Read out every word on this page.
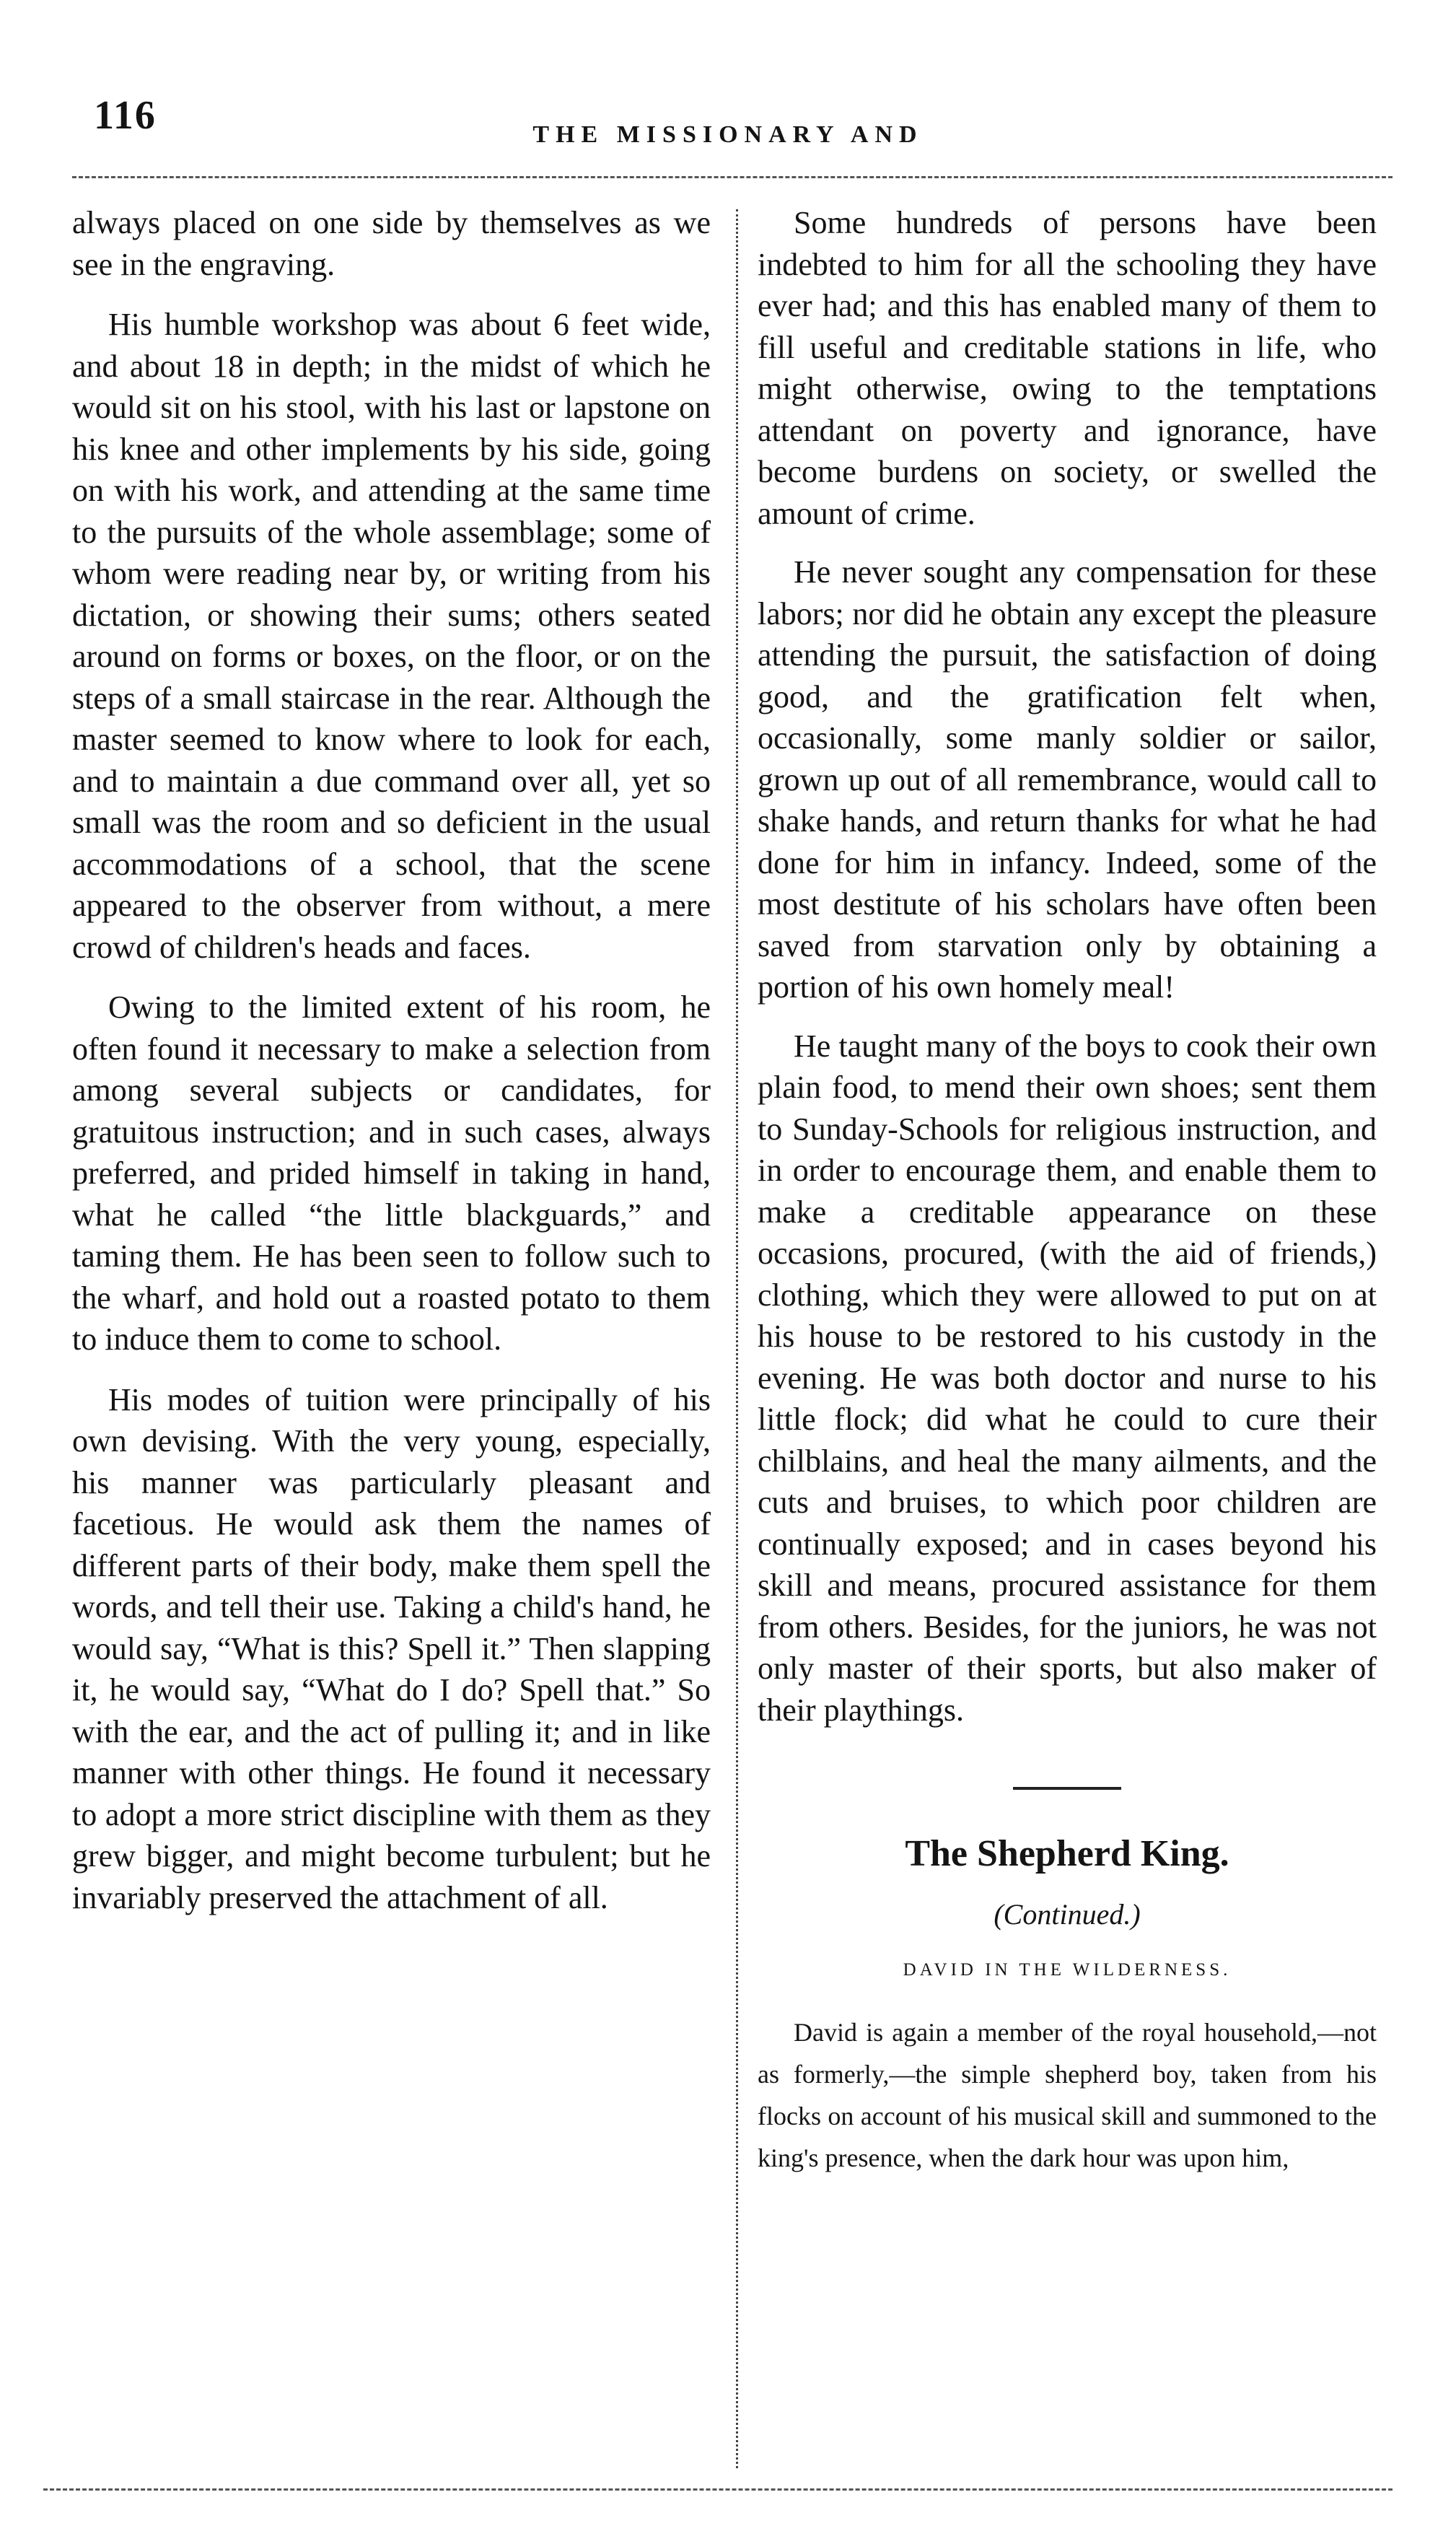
116	THE MISSIONARY AND

always placed on one side by themselves as we see in the engraving.

His humble workshop was about 6 feet wide, and about 18 in depth; in the midst of which he would sit on his stool, with his last or lapstone on his knee and other implements by his side, going on with his work, and attending at the same time to the pursuits of the whole assemblage; some of whom were reading near by, or writing from his dictation, or showing their sums; others seated around on forms or boxes, on the floor, or on the steps of a small staircase in the rear. Although the master seemed to know where to look for each, and to maintain a due command over all, yet so small was the room and so deficient in the usual accommodations of a school, that the scene appeared to the observer from without, a mere crowd of children's heads and faces.

Owing to the limited extent of his room, he often found it necessary to make a selection from among several subjects or candidates, for gratuitous instruction; and in such cases, always preferred, and prided himself in taking in hand, what he called “the little blackguards,” and taming them. He has been seen to follow such to the wharf, and hold out a roasted potato to them to induce them to come to school.

His modes of tuition were principally of his own devising. With the very young, especially, his manner was particularly pleasant and facetious. He would ask them the names of different parts of their body, make them spell the words, and tell their use. Taking a child's hand, he would say, “What is this? Spell it.” Then slapping it, he would say, “What do I do? Spell that.” So with the ear, and the act of pulling it; and in like manner with other things. He found it necessary to adopt a more strict discipline with them as they grew bigger, and might become turbulent; but he invariably preserved the attachment of all.

Some hundreds of persons have been indebted to him for all the schooling they have ever had; and this has enabled many of them to fill useful and creditable stations in life, who might otherwise, owing to the temptations attendant on poverty and ignorance, have become burdens on society, or swelled the amount of crime.

He never sought any compensation for these labors; nor did he obtain any except the pleasure attending the pursuit, the satisfaction of doing good, and the gratification felt when, occasionally, some manly soldier or sailor, grown up out of all remembrance, would call to shake hands, and return thanks for what he had done for him in infancy. Indeed, some of the most destitute of his scholars have often been saved from starvation only by obtaining a portion of his own homely meal!

He taught many of the boys to cook their own plain food, to mend their own shoes; sent them to Sunday-Schools for religious instruction, and in order to encourage them, and enable them to make a creditable appearance on these occasions, procured, (with the aid of friends,) clothing, which they were allowed to put on at his house to be restored to his custody in the evening. He was both doctor and nurse to his little flock; did what he could to cure their chilblains, and heal the many ailments, and the cuts and bruises, to which poor children are continually exposed; and in cases beyond his skill and means, procured assistance for them from others. Besides, for the juniors, he was not only master of their sports, but also maker of their playthings.

The Shepherd King.
(Continued.)
DAVID IN THE WILDERNESS.

David is again a member of the royal household,—not as formerly,—the simple shepherd boy, taken from his flocks on account of his musical skill and summoned to the king's presence, when the dark hour was upon him,
